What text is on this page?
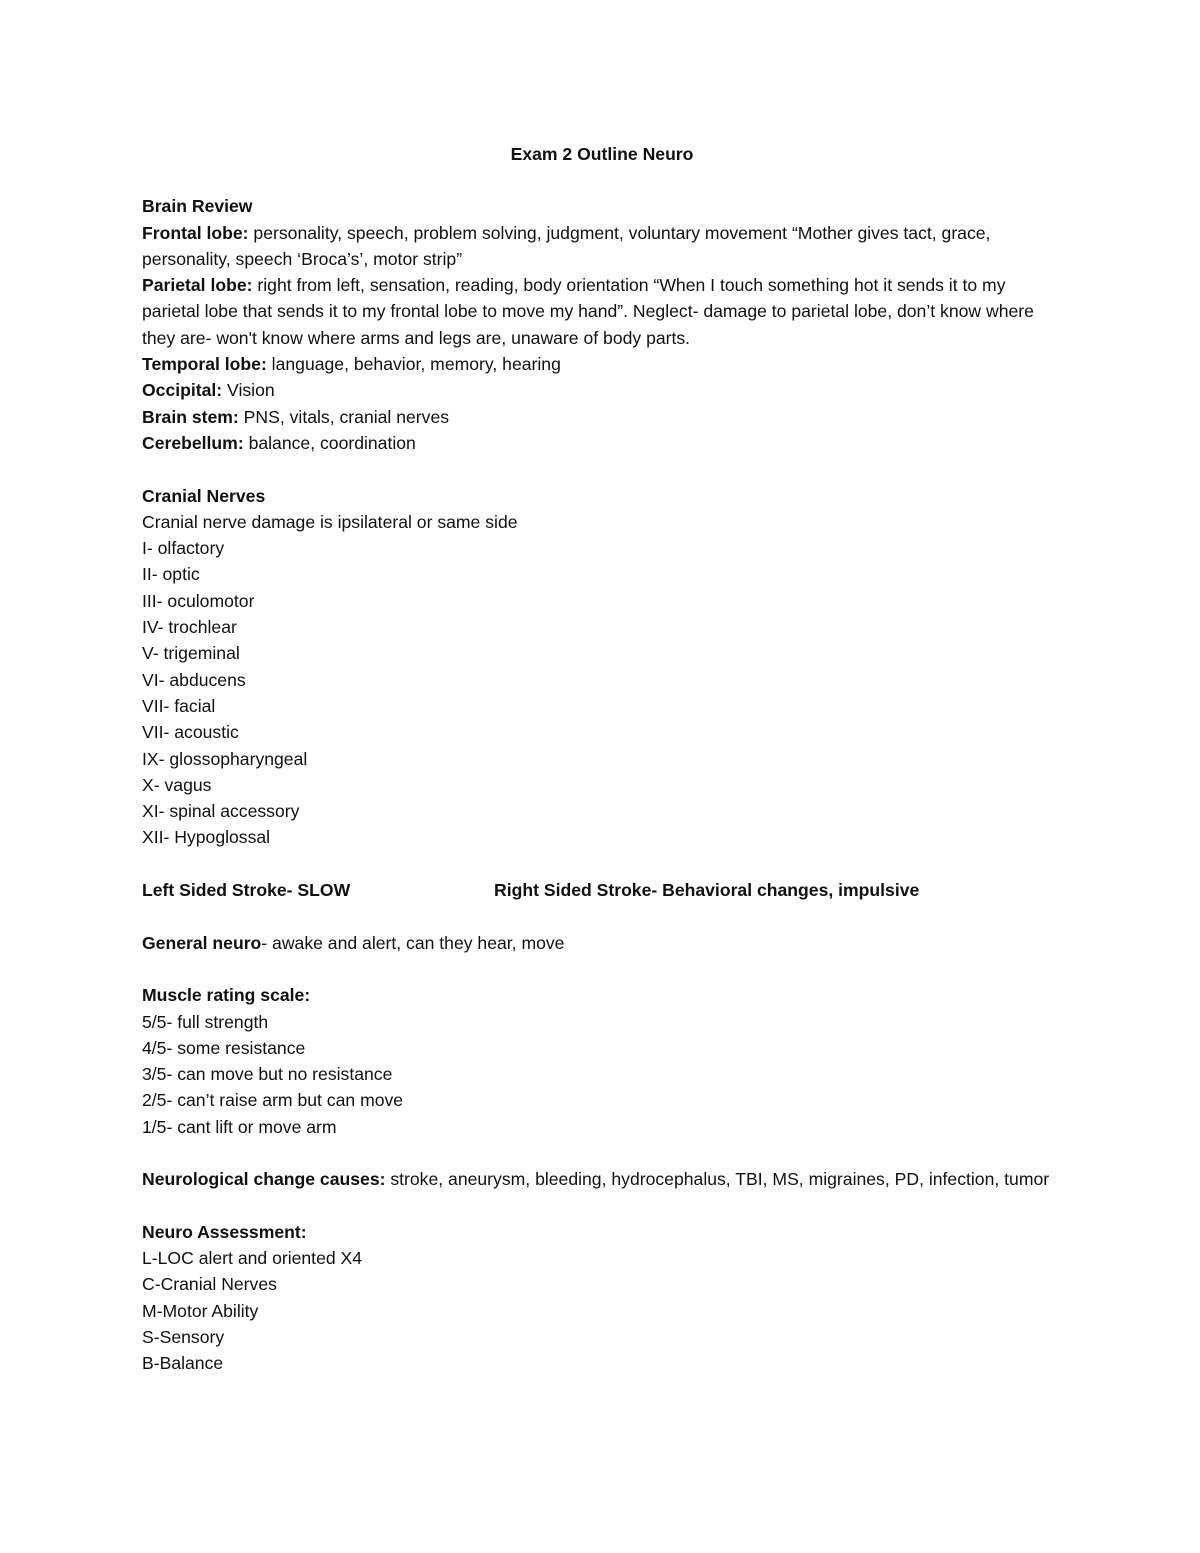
Exam 2 Outline Neuro
Brain Review
Frontal lobe: personality, speech, problem solving, judgment, voluntary movement “Mother gives tact, grace, personality, speech ‘Broca’s’, motor strip”
Parietal lobe: right from left, sensation, reading, body orientation “When I touch something hot it sends it to my parietal lobe that sends it to my frontal lobe to move my hand”. Neglect- damage to parietal lobe, don’t know where they are- won't know where arms and legs are, unaware of body parts.
Temporal lobe: language, behavior, memory, hearing
Occipital: Vision
Brain stem: PNS, vitals, cranial nerves
Cerebellum: balance, coordination
Cranial Nerves
Cranial nerve damage is ipsilateral or same side
I- olfactory
II- optic
III- oculomotor
IV- trochlear
V- trigeminal
VI- abducens
VII- facial
VII- acoustic
IX- glossopharyngeal
X- vagus
XI- spinal accessory
XII- Hypoglossal
Left Sided Stroke- SLOW	Right Sided Stroke- Behavioral changes, impulsive
General neuro- awake and alert, can they hear, move
Muscle rating scale:
5/5- full strength
4/5- some resistance
3/5- can move but no resistance
2/5- can’t raise arm but can move
1/5- cant lift or move arm
Neurological change causes: stroke, aneurysm, bleeding, hydrocephalus, TBI, MS, migraines, PD, infection, tumor
Neuro Assessment:
L-LOC alert and oriented X4
C-Cranial Nerves
M-Motor Ability
S-Sensory
B-Balance
